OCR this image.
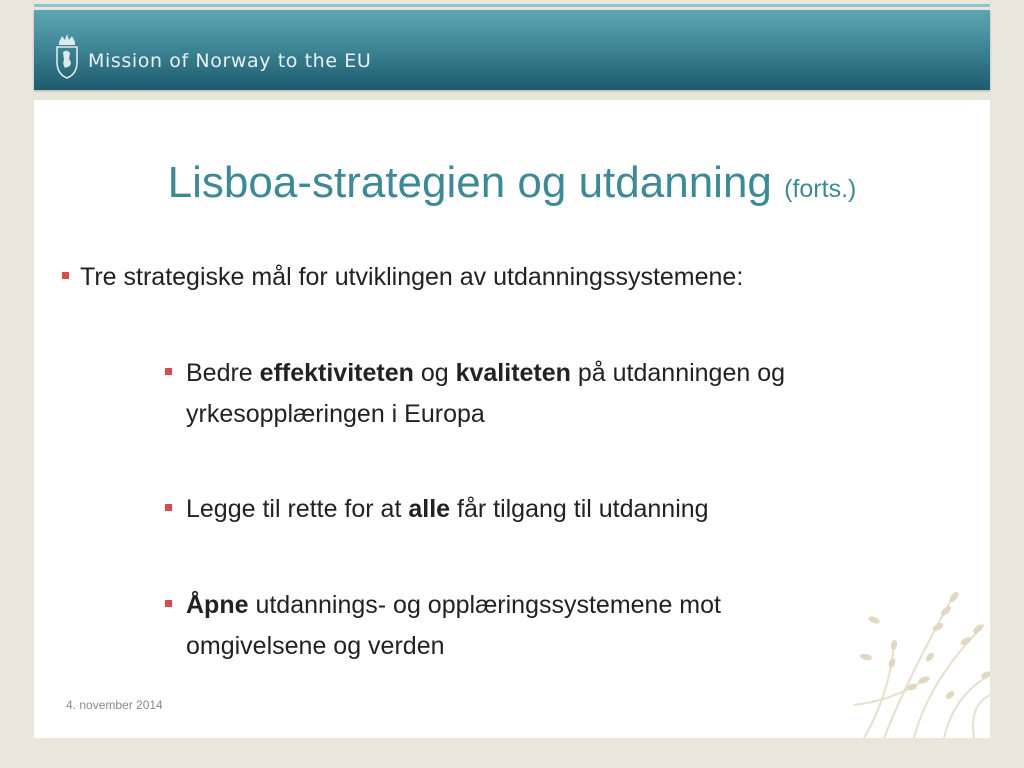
Mission of Norway to the EU
Lisboa-strategien og utdanning (forts.)
Tre strategiske mål for utviklingen av utdanningssystemene:
Bedre effektiviteten og kvaliteten på utdanningen og
yrkesopplæringen i Europa
Legge til rette for at alle får tilgang til utdanning
Åpne utdannings- og opplæringssystemene mot
omgivelsene og verden
4. november 2014
